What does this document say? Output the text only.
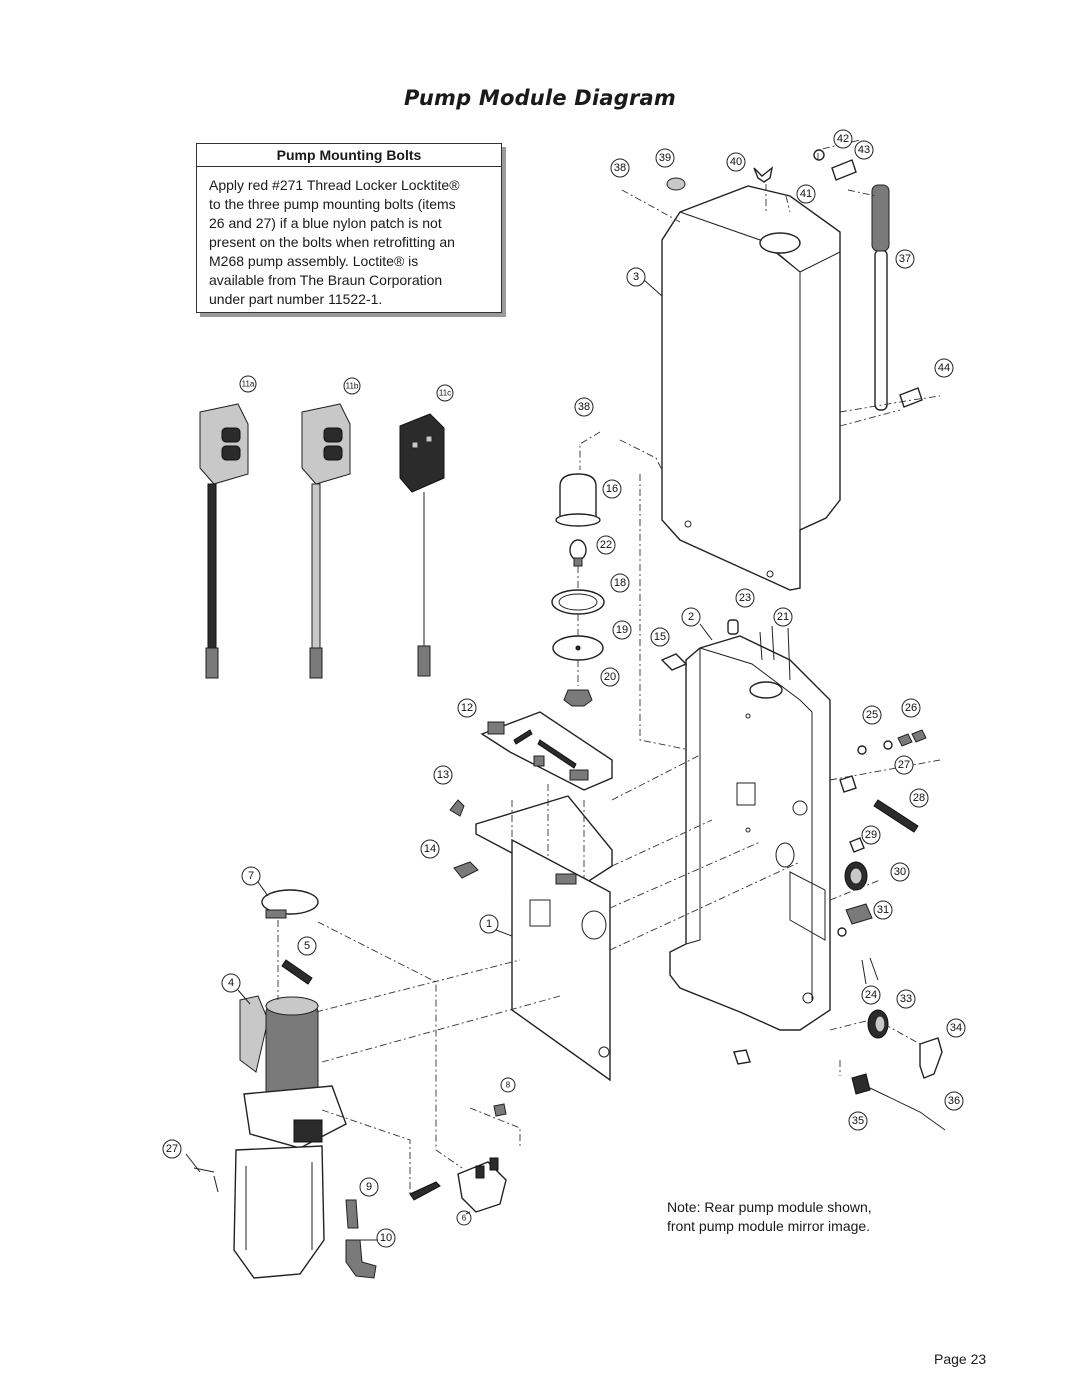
Pump Module Diagram
Pump Mounting Bolts
Apply red #271 Thread Locker Locktite®
to the three pump mounting bolts (items
26 and 27) if a blue nylon patch is not
present on the bolts when retrofitting an
M268 pump assembly. Loctite® is
available from The Braun Corporation
under part number 11522-1.
42
43
38
39	40
41
37
3
44
38
16
22
18
23
2	21
19
15
20
12
25
26
27
28
13
29
14
30
7
31
1
5
4
24 33
34
8
36
35
27
9
6
10
11a	11b
11c
Note: Rear pump module shown,
front pump module mirror image.
Page 23
